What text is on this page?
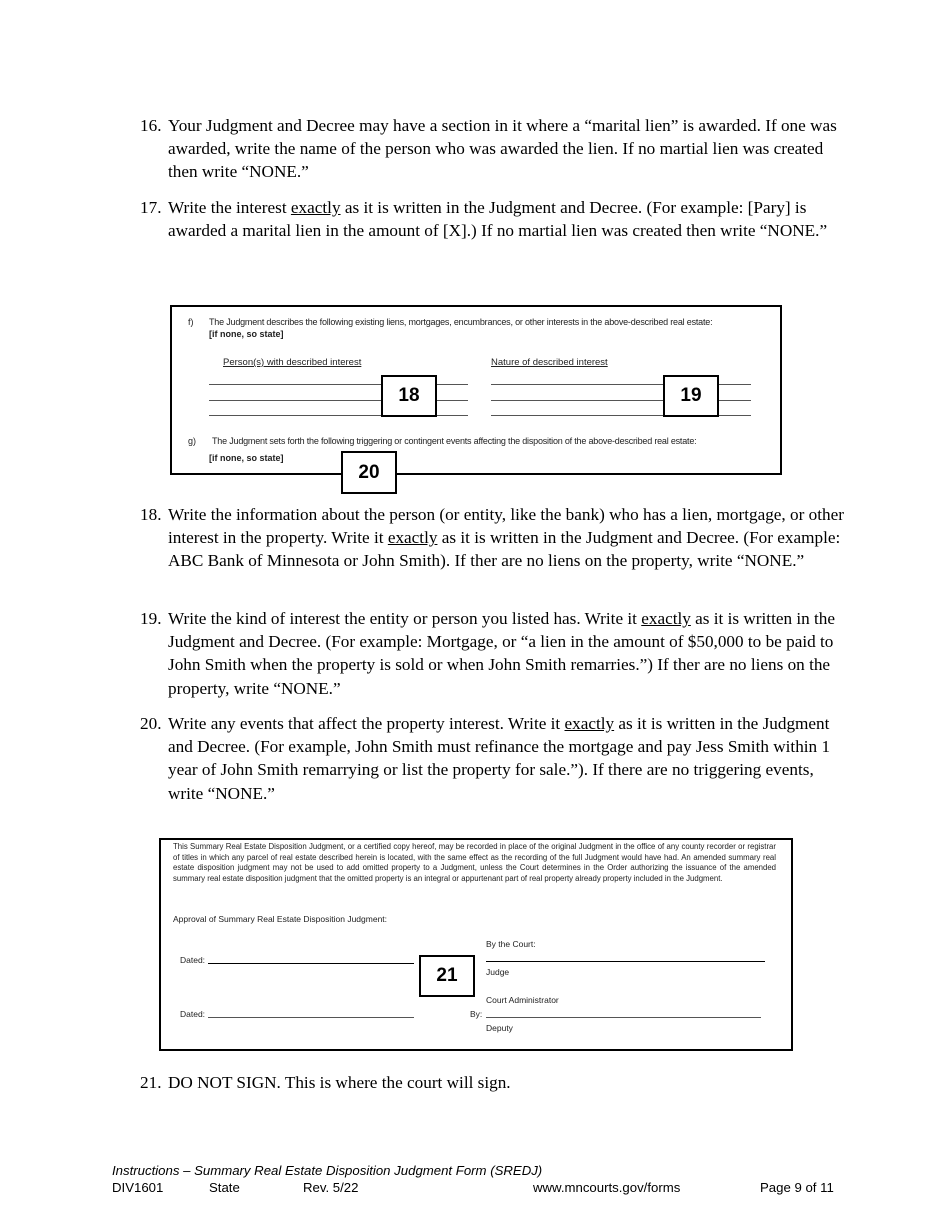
16. Your Judgment and Decree may have a section in it where a “marital lien” is awarded. If one was awarded, write the name of the person who was awarded the lien. If no martial lien was created then write “NONE.”
17. Write the interest exactly as it is written in the Judgment and Decree. (For example: [Pary] is awarded a marital lien in the amount of [X].) If no martial lien was created then write “NONE.”
f) The Judgment describes the following existing liens, mortgages, encumbrances, or other interests in the above-described real estate:
[if none, so state]
Person(s) with described interest	Nature of described interest
g) The Judgment sets forth the following triggering or contingent events affecting the disposition of the above-described real estate:
[if none, so state]
18	19
20
18. Write the information about the person (or entity, like the bank) who has a lien, mortgage, or other interest in the property. Write it exactly as it is written in the Judgment and Decree. (For example: ABC Bank of Minnesota or John Smith). If ther are no liens on the property, write “NONE.”
19. Write the kind of interest the entity or person you listed has. Write it exactly as it is written in the Judgment and Decree. (For example: Mortgage, or “a lien in the amount of $50,000 to be paid to John Smith when the property is sold or when John Smith remarries.”) If ther are no liens on the property, write “NONE.”
20. Write any events that affect the property interest. Write it exactly as it is written in the Judgment and Decree. (For example, John Smith must refinance the mortgage and pay Jess Smith within 1 year of John Smith remarrying or list the property for sale.”). If there are no triggering events, write “NONE.”
This Summary Real Estate Disposition Judgment, or a certified copy hereof, may be recorded in place of the original Judgment in the office of any county recorder or registrar of titles in which any parcel of real estate described herein is located, with the same effect as the recording of the full Judgment would have had. An amended summary real estate disposition judgment may not be used to add omitted property to a Judgment, unless the Court determines in the Order authorizing the issuance of the amended summary real estate disposition judgment that the omitted property is an integral or appurtenant part of real property already property included in the Judgment.
Approval of Summary Real Estate Disposition Judgment:
By the Court:
Dated:
Judge
Court Administrator
Dated:	By:
Deputy
21
21. DO NOT SIGN. This is where the court will sign.
Instructions – Summary Real Estate Disposition Judgment Form (SREDJ)
DIV1601	State	Rev. 5/22	www.mncourts.gov/forms	Page 9 of 11
